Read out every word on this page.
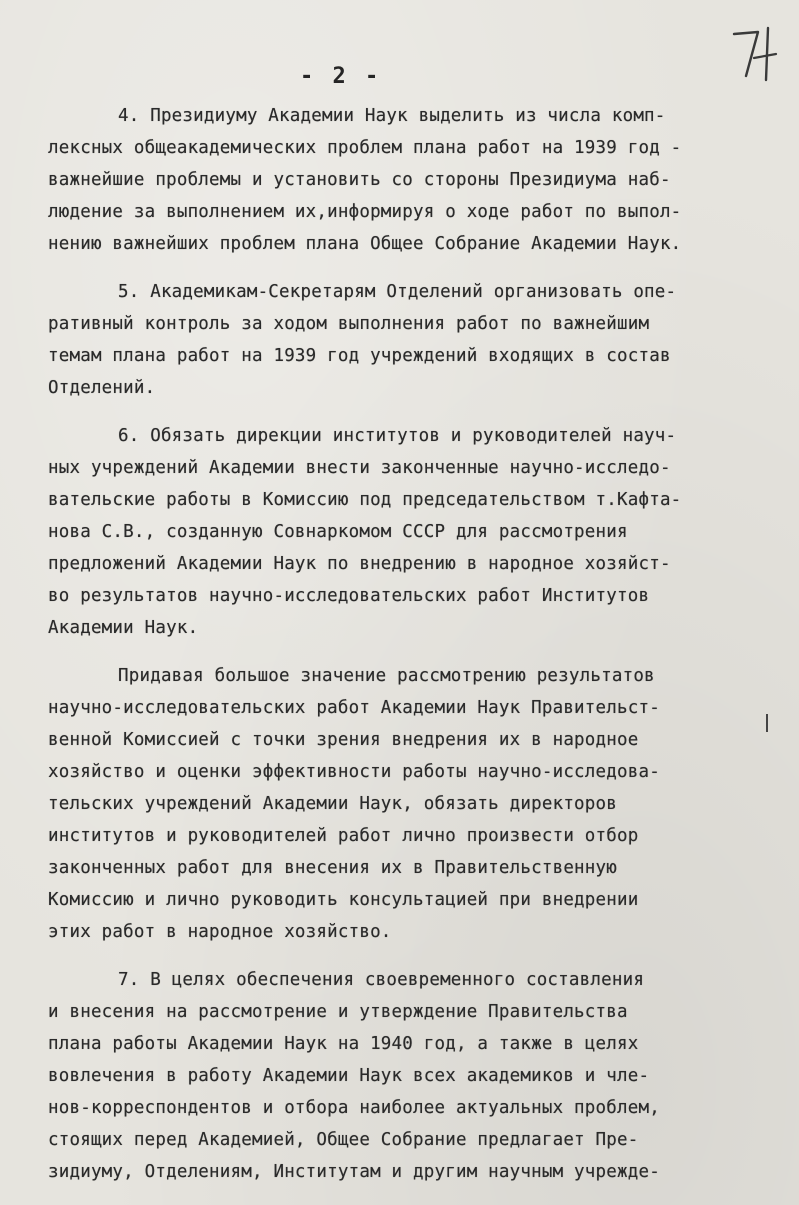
- 2 -
4. Президиуму Академии Наук выделить из числа комп-
лексных общеакадемических проблем плана работ на 1939 год -
важнейшие проблемы и установить со стороны Президиума наб-
людение за выполнением их,информируя о ходе работ по выпол-
нению важнейших проблем плана Общее Собрание Академии Наук.
5. Академикам-Секретарям Отделений организовать опе-
ративный контроль за ходом выполнения работ по важнейшим
темам плана работ на 1939 год учреждений входящих в состав
Отделений.
6. Обязать дирекции институтов и руководителей науч-
ных учреждений Академии внести законченные научно-исследо-
вательские работы в Комиссию под председательством т.Кафта-
нова С.В., созданную Совнаркомом СССР для рассмотрения
предложений Академии Наук по внедрению в народное хозяйст-
во результатов научно-исследовательских работ Институтов
Академии Наук.
Придавая большое значение рассмотрению результатов
научно-исследовательских работ Академии Наук Правительст-
венной Комиссией с точки зрения внедрения их в народное
хозяйство и оценки эффективности работы научно-исследова-
тельских учреждений Академии Наук, обязать директоров
институтов и руководителей работ лично произвести отбор
законченных работ для внесения их в Правительственную
Комиссию и лично руководить консультацией при внедрении
этих работ в народное хозяйство.
7. В целях обеспечения своевременного составления
и внесения на рассмотрение и утверждение Правительства
плана работы Академии Наук на 1940 год, а также в целях
вовлечения в работу Академии Наук всех академиков и чле-
нов-корреспондентов и отбора наиболее актуальных проблем,
стоящих перед Академией, Общее Собрание предлагает Пре-
зидиуму, Отделениям, Институтам и другим научным учрежде-
